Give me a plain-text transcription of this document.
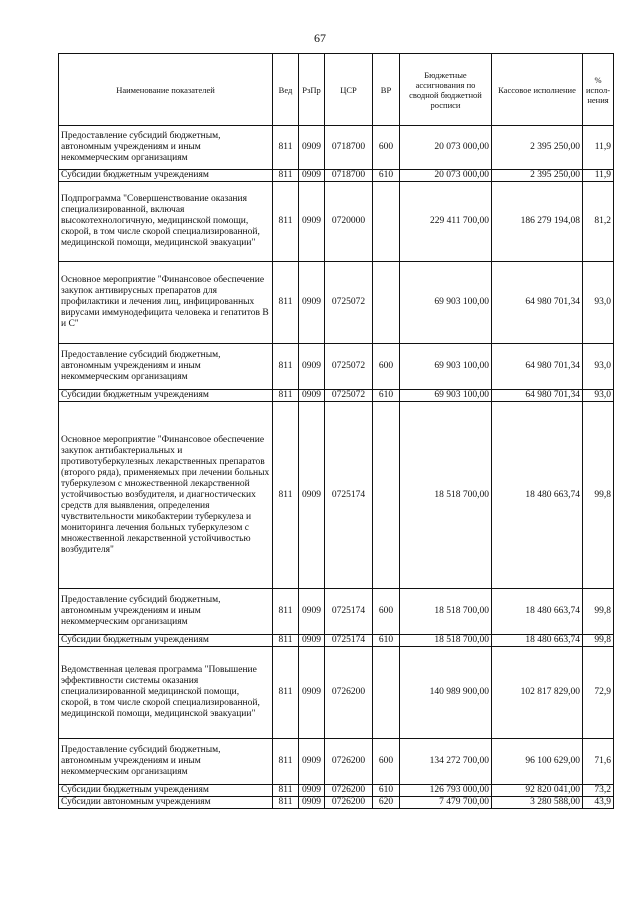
67
Наименование показателей	Вед	РзПр	ЦСР	ВР	Бюджетные ассигнования по сводной бюджетной росписи	Кассовое исполнение	% испол-нения
Предоставление субсидий бюджетным, автономным учреждениям и иным некоммерческим организациям	811	0909	0718700	600	20 073 000,00	2 395 250,00	11,9
Субсидии бюджетным учреждениям	811	0909	0718700	610	20 073 000,00	2 395 250,00	11,9
Подпрограмма "Совершенствование оказания специализированной, включая высокотехнологичную, медицинской помощи, скорой, в том числе скорой специализированной, медицинской помощи, медицинской эвакуации"	811	0909	0720000		229 411 700,00	186 279 194,08	81,2
Основное мероприятие "Финансовое обеспечение закупок антивирусных препаратов для профилактики и лечения лиц, инфицированных вирусами иммунодефицита человека и гепатитов В и С"	811	0909	0725072		69 903 100,00	64 980 701,34	93,0
Предоставление субсидий бюджетным, автономным учреждениям и иным некоммерческим организациям	811	0909	0725072	600	69 903 100,00	64 980 701,34	93,0
Субсидии бюджетным учреждениям	811	0909	0725072	610	69 903 100,00	64 980 701,34	93,0
Основное мероприятие "Финансовое обеспечение закупок антибактериальных и противотуберкулезных лекарственных препаратов (второго ряда), применяемых при лечении больных туберкулезом с множественной лекарственной устойчивостью возбудителя, и диагностических средств для выявления, определения чувствительности микобактерии туберкулеза и мониторинга лечения больных туберкулезом с множественной лекарственной устойчивостью возбудителя"	811	0909	0725174		18 518 700,00	18 480 663,74	99,8
Предоставление субсидий бюджетным, автономным учреждениям и иным некоммерческим организациям	811	0909	0725174	600	18 518 700,00	18 480 663,74	99,8
Субсидии бюджетным учреждениям	811	0909	0725174	610	18 518 700,00	18 480 663,74	99,8
Ведомственная целевая программа "Повышение эффективности системы оказания специализированной медицинской помощи, скорой, в том числе скорой специализированной, медицинской помощи, медицинской эвакуации"	811	0909	0726200		140 989 900,00	102 817 829,00	72,9
Предоставление субсидий бюджетным, автономным учреждениям и иным некоммерческим организациям	811	0909	0726200	600	134 272 700,00	96 100 629,00	71,6
Субсидии бюджетным учреждениям	811	0909	0726200	610	126 793 000,00	92 820 041,00	73,2
Субсидии автономным учреждениям	811	0909	0726200	620	7 479 700,00	3 280 588,00	43,9
